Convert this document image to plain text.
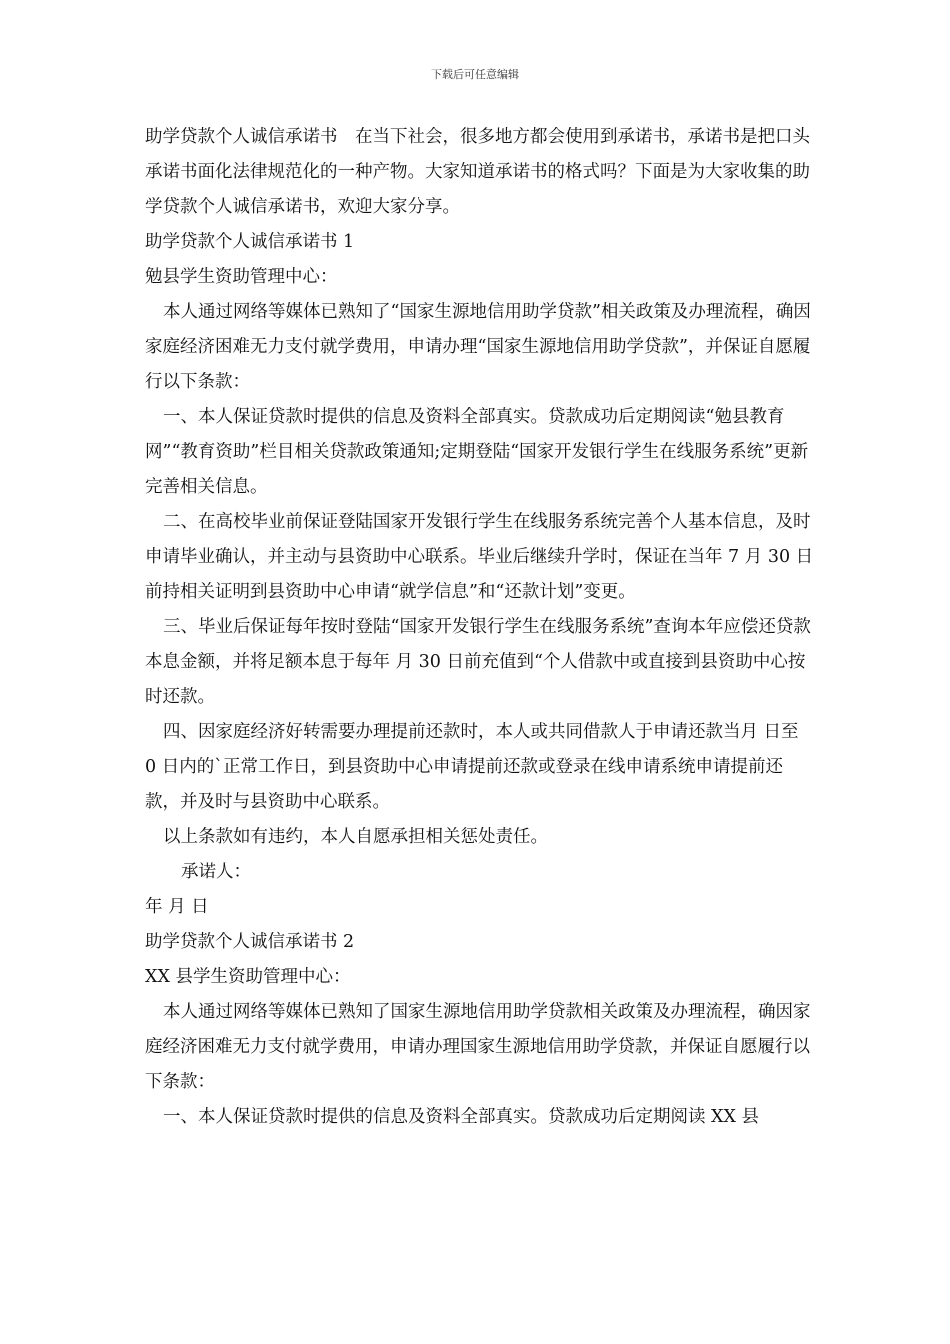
下载后可任意编辑

助学贷款个人诚信承诺书　在当下社会，很多地方都会使用到承诺书，承诺书是把口头承诺书面化法律规范化的一种产物。大家知道承诺书的格式吗？下面是为大家收集的助学贷款个人诚信承诺书，欢迎大家分享。

助学贷款个人诚信承诺书 1

勉县学生资助管理中心：

本人通过网络等媒体已熟知了“国家生源地信用助学贷款”相关政策及办理流程，确因家庭经济困难无力支付就学费用，申请办理“国家生源地信用助学贷款”，并保证自愿履行以下条款：

一、本人保证贷款时提供的信息及资料全部真实。贷款成功后定期阅读“勉县教育网”“教育资助”栏目相关贷款政策通知;定期登陆“国家开发银行学生在线服务系统”更新完善相关信息。

二、在高校毕业前保证登陆国家开发银行学生在线服务系统完善个人基本信息，及时申请毕业确认，并主动与县资助中心联系。毕业后继续升学时，保证在当年 7 月 30 日前持相关证明到县资助中心申请“就学信息”和“还款计划”变更。

三、毕业后保证每年按时登陆“国家开发银行学生在线服务系统”查询本年应偿还贷款本息金额，并将足额本息于每年 月 30 日前充值到“个人借款中或直接到县资助中心按时还款。

四、因家庭经济好转需要办理提前还款时，本人或共同借款人于申请还款当月 日至 0 日内的`正常工作日，到县资助中心申请提前还款或登录在线申请系统申请提前还款，并及时与县资助中心联系。

以上条款如有违约，本人自愿承担相关惩处责任。

承诺人：

年 月 日

助学贷款个人诚信承诺书 2

XX 县学生资助管理中心：

本人通过网络等媒体已熟知了国家生源地信用助学贷款相关政策及办理流程，确因家庭经济困难无力支付就学费用，申请办理国家生源地信用助学贷款，并保证自愿履行以下条款：

一、本人保证贷款时提供的信息及资料全部真实。贷款成功后定期阅读 XX 县
